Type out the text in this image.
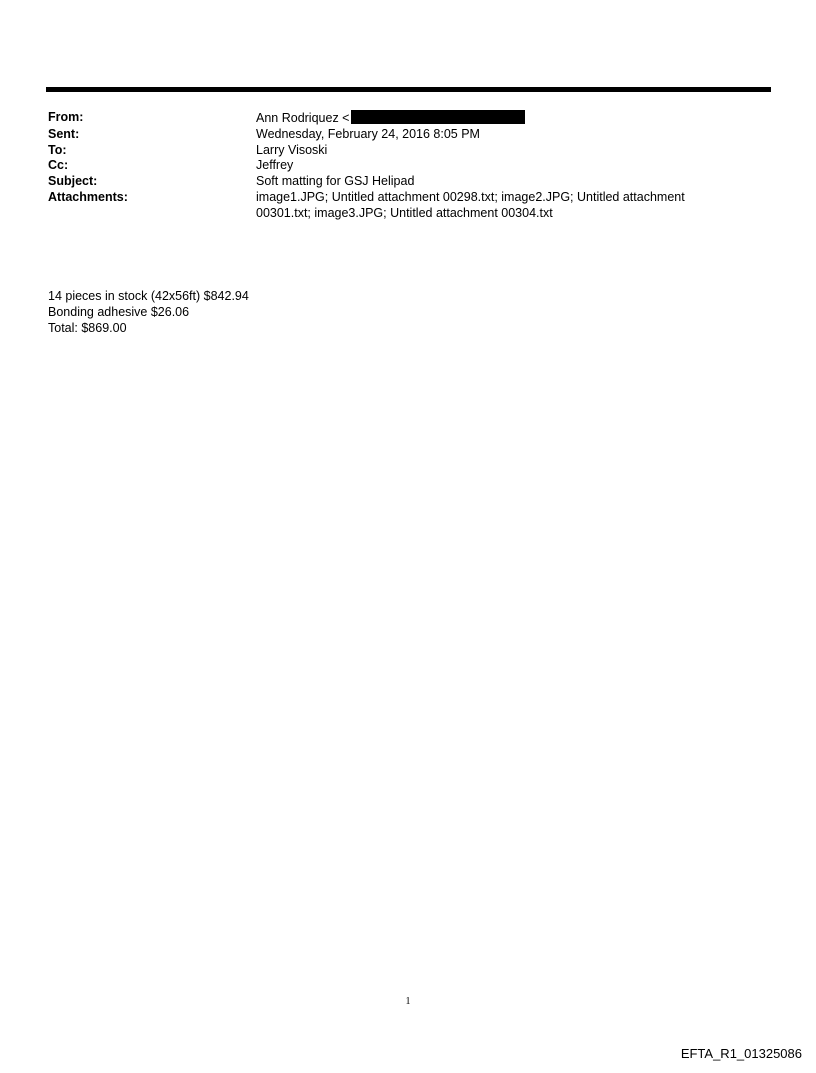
From:	Ann Rodriquez <
Sent:	Wednesday, February 24, 2016 8:05 PM
To:	Larry Visoski
Cc:	Jeffrey
Subject:	Soft matting for GSJ Helipad
Attachments:	image1.JPG; Untitled attachment 00298.txt; image2.JPG; Untitled attachment
00301.txt; image3.JPG; Untitled attachment 00304.txt
14 pieces in stock (42x56ft) $842.94
Bonding adhesive $26.06
Total: $869.00
1
EFTA_R1_01325086
